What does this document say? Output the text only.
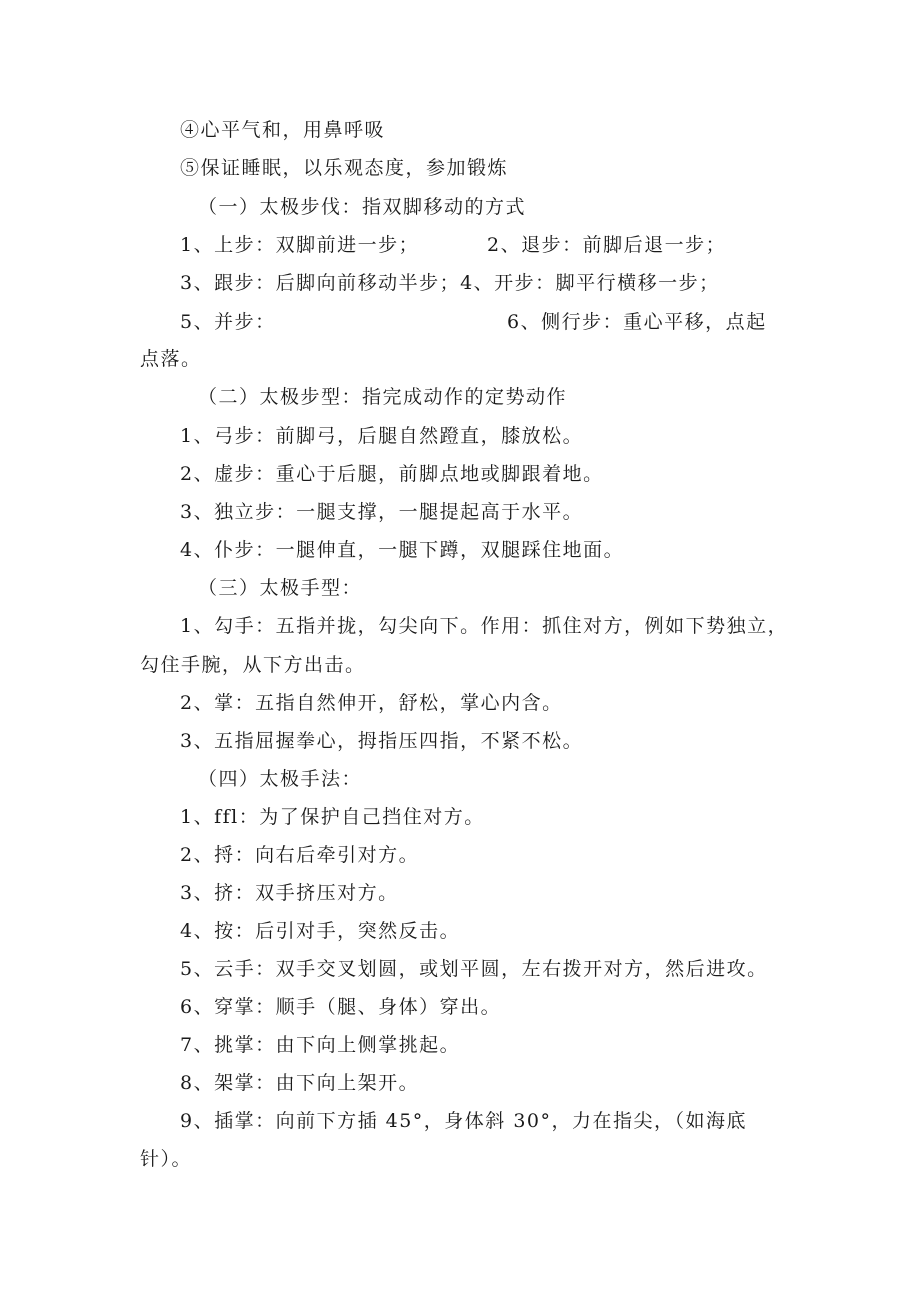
④心平气和，用鼻呼吸
⑤保证睡眠，以乐观态度，参加锻炼
（一）太极步伐：指双脚移动的方式
1、上步：双脚前进一步；	2、退步：前脚后退一步；
3、跟步：后脚向前移动半步；4、开步：脚平行横移一步；
5、并步：	6、侧行步：重心平移，点起
点落。
（二）太极步型：指完成动作的定势动作
1、弓步：前脚弓，后腿自然蹬直，膝放松。
2、虚步：重心于后腿，前脚点地或脚跟着地。
3、独立步：一腿支撑，一腿提起高于水平。
4、仆步：一腿伸直，一腿下蹲，双腿踩住地面。
（三）太极手型：
1、勾手：五指并拢，勾尖向下。作用：抓住对方，例如下势独立，
勾住手腕，从下方出击。
2、掌：五指自然伸开，舒松，掌心内含。
3、五指屈握拳心，拇指压四指，不紧不松。
（四）太极手法：
1、ffl：为了保护自己挡住对方。
2、捋：向右后牵引对方。
3、挤：双手挤压对方。
4、按：后引对手，突然反击。
5、云手：双手交叉划圆，或划平圆，左右拨开对方，然后进攻。
6、穿掌：顺手（腿、身体）穿出。
7、挑掌：由下向上侧掌挑起。
8、架掌：由下向上架开。
9、插掌：向前下方插 45°，身体斜 30°，力在指尖，（如海底
针）。
